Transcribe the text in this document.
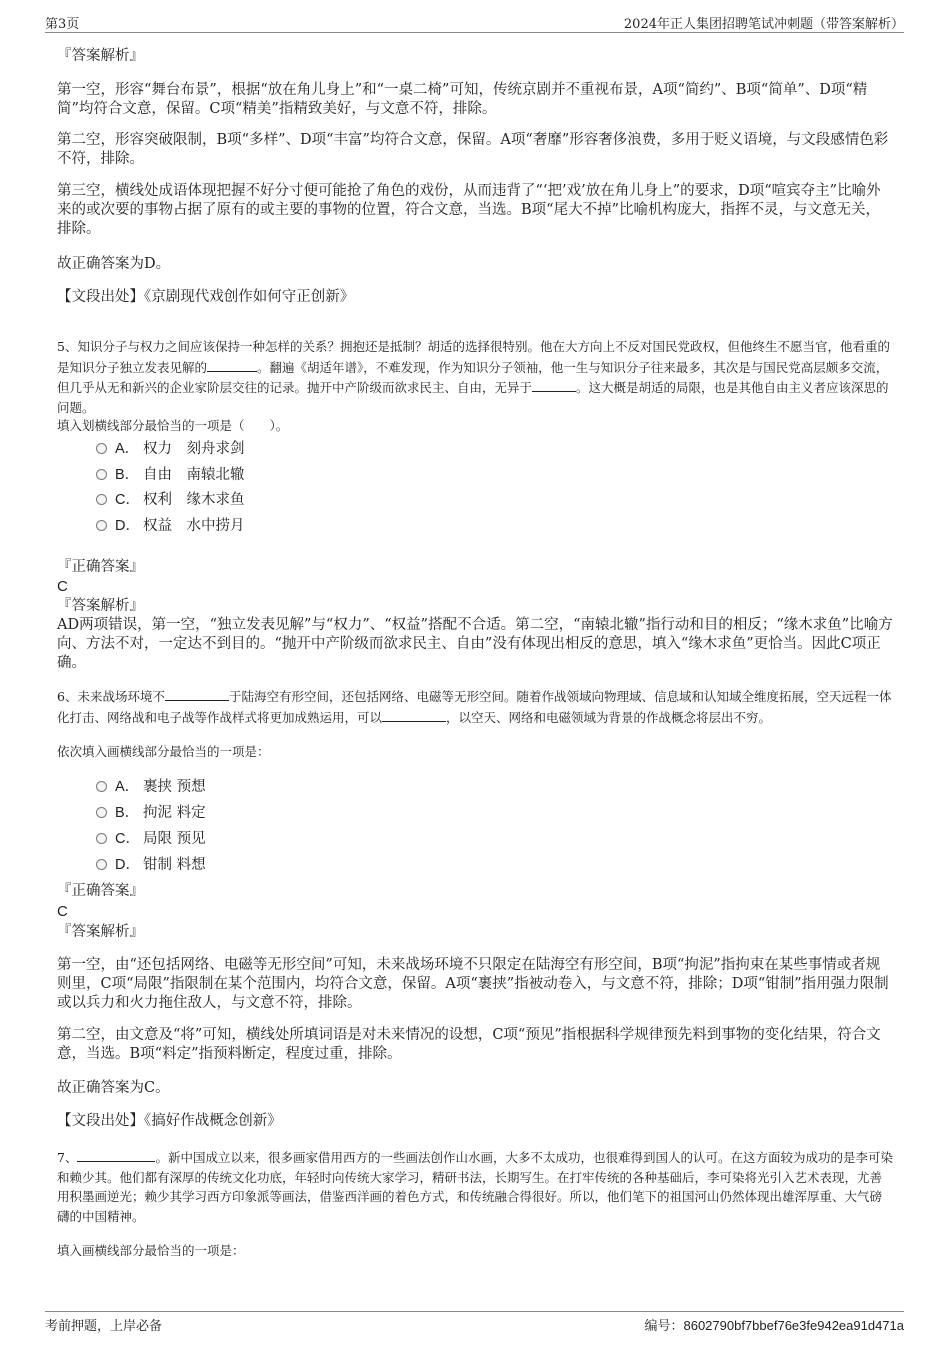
第3页	2024年正人集团招聘笔试冲刺题（带答案解析）
『答案解析』
第一空，形容“舞台布景”，根据“放在角儿身上”和“一桌二椅”可知，传统京剧并不重视布景，A项“简约”、B项“简单”、D项“精简”均符合文意，保留。C项“精美”指精致美好，与文意不符，排除。
第二空，形容突破限制，B项“多样”、D项“丰富”均符合文意，保留。A项“奢靡”形容奢侈浪费，多用于贬义语境，与文段感情色彩不符，排除。
第三空，横线处成语体现把握不好分寸便可能抢了角色的戏份，从而违背了“‘把’戏’放在角儿身上”的要求，D项“喧宾夺主”比喻外来的或次要的事物占据了原有的或主要的事物的位置，符合文意，当选。B项“尾大不掉”比喻机构庞大，指挥不灵，与文意无关，排除。
故正确答案为D。
【文段出处】《京剧现代戏创作如何守正创新》
5、知识分子与权力之间应该保持一种怎样的关系？拥抱还是抵制？胡适的选择很特别。他在大方向上不反对国民党政权，但他终生不愿当官，他看重的是知识分子独立发表见解的	。翻遍《胡适年谱》，不难发现，作为知识分子领袖，他一生与知识分子往来最多，其次是与国民党高层颇多交流，但几乎从无和新兴的企业家阶层交往的记录。抛开中产阶级而欲求民主、自由，无异于	。这大概是胡适的局限，也是其他自由主义者应该深思的问题。
填入划横线部分最恰当的一项是（　　）。
A． 权力　刻舟求剑
B． 自由　南辕北辙
C． 权利　缘木求鱼
D． 权益　水中捞月
『正确答案』
C
『答案解析』
AD两项错误，第一空，“独立发表见解”与“权力”、“权益”搭配不合适。第二空，“南辕北辙”指行动和目的相反；“缘木求鱼”比喻方向、方法不对，一定达不到目的。“抛开中产阶级而欲求民主、自由”没有体现出相反的意思，填入“缘木求鱼”更恰当。因此C项正确。
6、未来战场环境不	于陆海空有形空间，还包括网络、电磁等无形空间。随着作战领域向物理域、信息域和认知域全维度拓展，空天远程一体化打击、网络战和电子战等作战样式将更加成熟运用，可以	，以空天、网络和电磁领域为背景的作战概念将层出不穷。
依次填入画横线部分最恰当的一项是：
A． 裹挟 预想
B． 拘泥 料定
C． 局限 预见
D． 钳制 料想
『正确答案』
C
『答案解析』
第一空，由“还包括网络、电磁等无形空间”可知，未来战场环境不只限定在陆海空有形空间，B项“拘泥”指拘束在某些事情或者规则里，C项“局限”指限制在某个范围内，均符合文意，保留。A项“裹挟”指被动卷入，与文意不符，排除；D项“钳制”指用强力限制或以兵力和火力拖住敌人，与文意不符，排除。
第二空，由文意及“将”可知，横线处所填词语是对未来情况的设想，C项“预见”指根据科学规律预先料到事物的变化结果，符合文意，当选。B项“料定”指预料断定，程度过重，排除。
故正确答案为C。
【文段出处】《搞好作战概念创新》
7、	。新中国成立以来，很多画家借用西方的一些画法创作山水画，大多不太成功，也很难得到国人的认可。在这方面较为成功的是李可染和赖少其。他们都有深厚的传统文化功底，年轻时向传统大家学习，精研书法，长期写生。在打牢传统的各种基础后，李可染将光引入艺术表现，尤善用积墨画逆光；赖少其学习西方印象派等画法，借鉴西洋画的着色方式，和传统融合得很好。所以，他们笔下的祖国河山仍然体现出雄浑厚重、大气磅礴的中国精神。
填入画横线部分最恰当的一项是：
考前押题，上岸必备	编号：8602790bf7bbef76e3fe942ea91d471a
